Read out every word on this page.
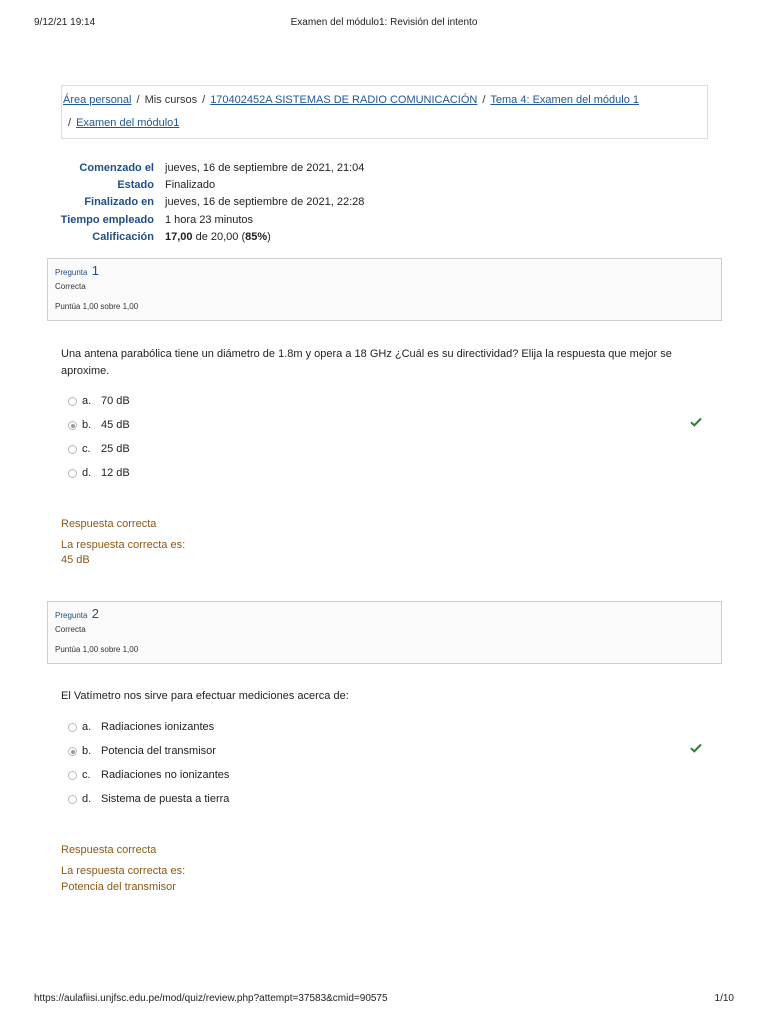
9/12/21 19:14	Examen del módulo1: Revisión del intento
Área personal / Mis cursos / 170402452A SISTEMAS DE RADIO COMUNICACIÓN / Tema 4: Examen del módulo 1
/ Examen del módulo1
Comenzado el jueves, 16 de septiembre de 2021, 21:04
Estado Finalizado
Finalizado en jueves, 16 de septiembre de 2021, 22:28
Tiempo empleado 1 hora 23 minutos
Calificación 17,00 de 20,00 (85%)
Pregunta 1
Correcta
Puntúa 1,00 sobre 1,00
Una antena parabólica tiene un diámetro de 1.8m y opera a 18 GHz ¿Cuál es su directividad? Elija la respuesta que mejor se aproxime.
a. 70 dB
b. 45 dB
c. 25 dB
d. 12 dB
Respuesta correcta
La respuesta correcta es:
45 dB
Pregunta 2
Correcta
Puntúa 1,00 sobre 1,00
El Vatímetro nos sirve para efectuar mediciones acerca de:
a. Radiaciones ionizantes
b. Potencia del transmisor
c. Radiaciones no ionizantes
d. Sistema de puesta a tierra
Respuesta correcta
La respuesta correcta es:
Potencia del transmisor
https://aulafiisi.unjfsc.edu.pe/mod/quiz/review.php?attempt=37583&cmid=90575	1/10
